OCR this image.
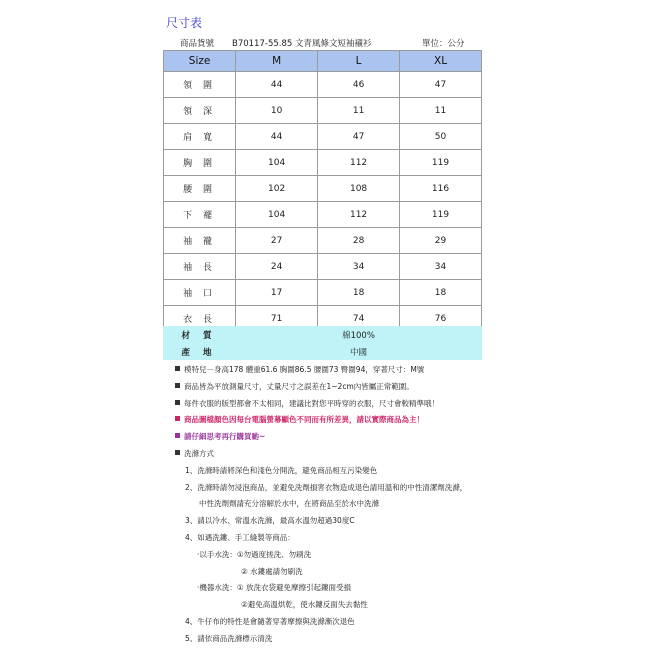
尺寸表
商品貨號 B70117-55.85 文青風條文短袖襯衫	單位：公分
Size	M	L	XL
領 圍	44	46	47
領 深	10	11	11
肩 寬	44	47	50
胸 圍	104	112	119
腰 圍	102	108	116
下 襬	104	112	119
袖 襱	27	28	29
袖 長	24	34	34
袖 口	17	18	18
衣 長	71	74	76
材 質	棉100%
產 地	中國
模特兒－身高178 體重61.6 胸圍86.5 腰圍73 臀圍94，穿著尺寸：M號
商品皆為平放測量尺寸，丈量尺寸之誤差在1~2cm內皆屬正常範圍。
每件衣服的版型都會不太相同，建議比對您平時穿的衣服，尺寸會較精準哦！
商品圖檔顏色因每台電腦螢幕顯色不同而有所差異，請以實際商品為主！
請仔細思考再行購買喲~
洗滌方式
1、洗滌時請將深色和淺色分開洗，避免商品相互污染變色
2、洗滌時請勿浸泡商品，並避免洗劑損害衣物造成退色請用溫和的中性清潔劑洗滌，
中性洗劑劑請充分溶解於水中，在將商品至於水中洗滌
3、請以冷水、常溫水洗滌，最高水溫勿超過30度C
4、如遇洗鏤、手工縫製等商品：
‧以手水洗：①勿過度搓洗、勿刷洗
② 水鏤處請勿刷洗
‧機器水洗：① 放洗衣袋避免摩擦引起鏤面受損
②避免高溫烘乾，使水鏤反面失去黏性
4、牛仔布的特性是會隨著穿著摩擦與洗滌漸次退色
5、請依商品洗滌標示清洗
